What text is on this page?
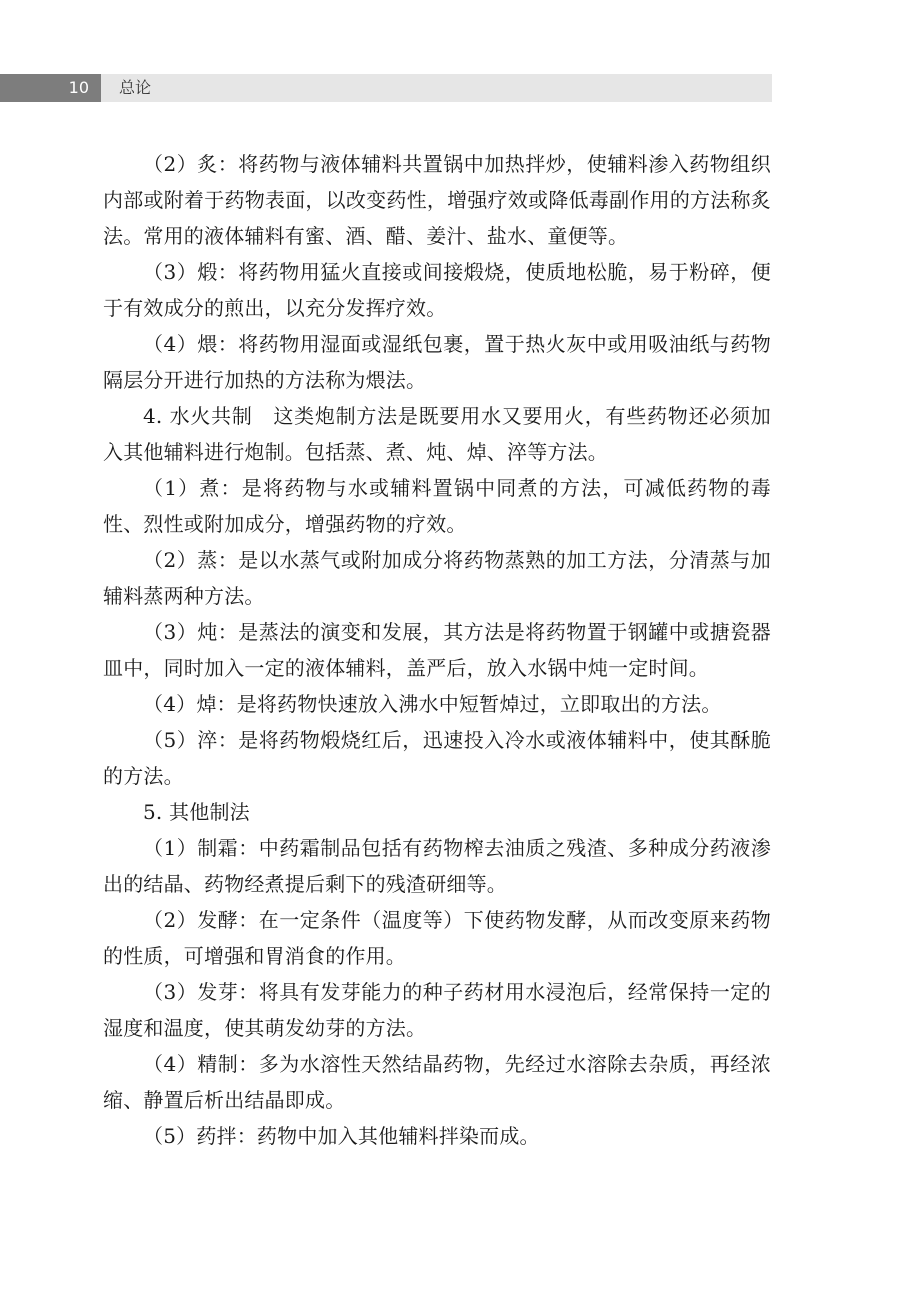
10	总论

（2）炙：将药物与液体辅料共置锅中加热拌炒，使辅料渗入药物组织内部或附着于药物表面，以改变药性，增强疗效或降低毒副作用的方法称炙法。常用的液体辅料有蜜、酒、醋、姜汁、盐水、童便等。

（3）煅：将药物用猛火直接或间接煅烧，使质地松脆，易于粉碎，便于有效成分的煎出，以充分发挥疗效。

（4）煨：将药物用湿面或湿纸包裹，置于热火灰中或用吸油纸与药物隔层分开进行加热的方法称为煨法。

4. 水火共制　这类炮制方法是既要用水又要用火，有些药物还必须加入其他辅料进行炮制。包括蒸、煮、炖、焯、淬等方法。

（1）煮：是将药物与水或辅料置锅中同煮的方法，可减低药物的毒性、烈性或附加成分，增强药物的疗效。

（2）蒸：是以水蒸气或附加成分将药物蒸熟的加工方法，分清蒸与加辅料蒸两种方法。

（3）炖：是蒸法的演变和发展，其方法是将药物置于钢罐中或搪瓷器皿中，同时加入一定的液体辅料，盖严后，放入水锅中炖一定时间。

（4）焯：是将药物快速放入沸水中短暂焯过，立即取出的方法。

（5）淬：是将药物煅烧红后，迅速投入冷水或液体辅料中，使其酥脆的方法。

5. 其他制法

（1）制霜：中药霜制品包括有药物榨去油质之残渣、多种成分药液渗出的结晶、药物经煮提后剩下的残渣研细等。

（2）发酵：在一定条件（温度等）下使药物发酵，从而改变原来药物的性质，可增强和胃消食的作用。

（3）发芽：将具有发芽能力的种子药材用水浸泡后，经常保持一定的湿度和温度，使其萌发幼芽的方法。

（4）精制：多为水溶性天然结晶药物，先经过水溶除去杂质，再经浓缩、静置后析出结晶即成。

（5）药拌：药物中加入其他辅料拌染而成。
